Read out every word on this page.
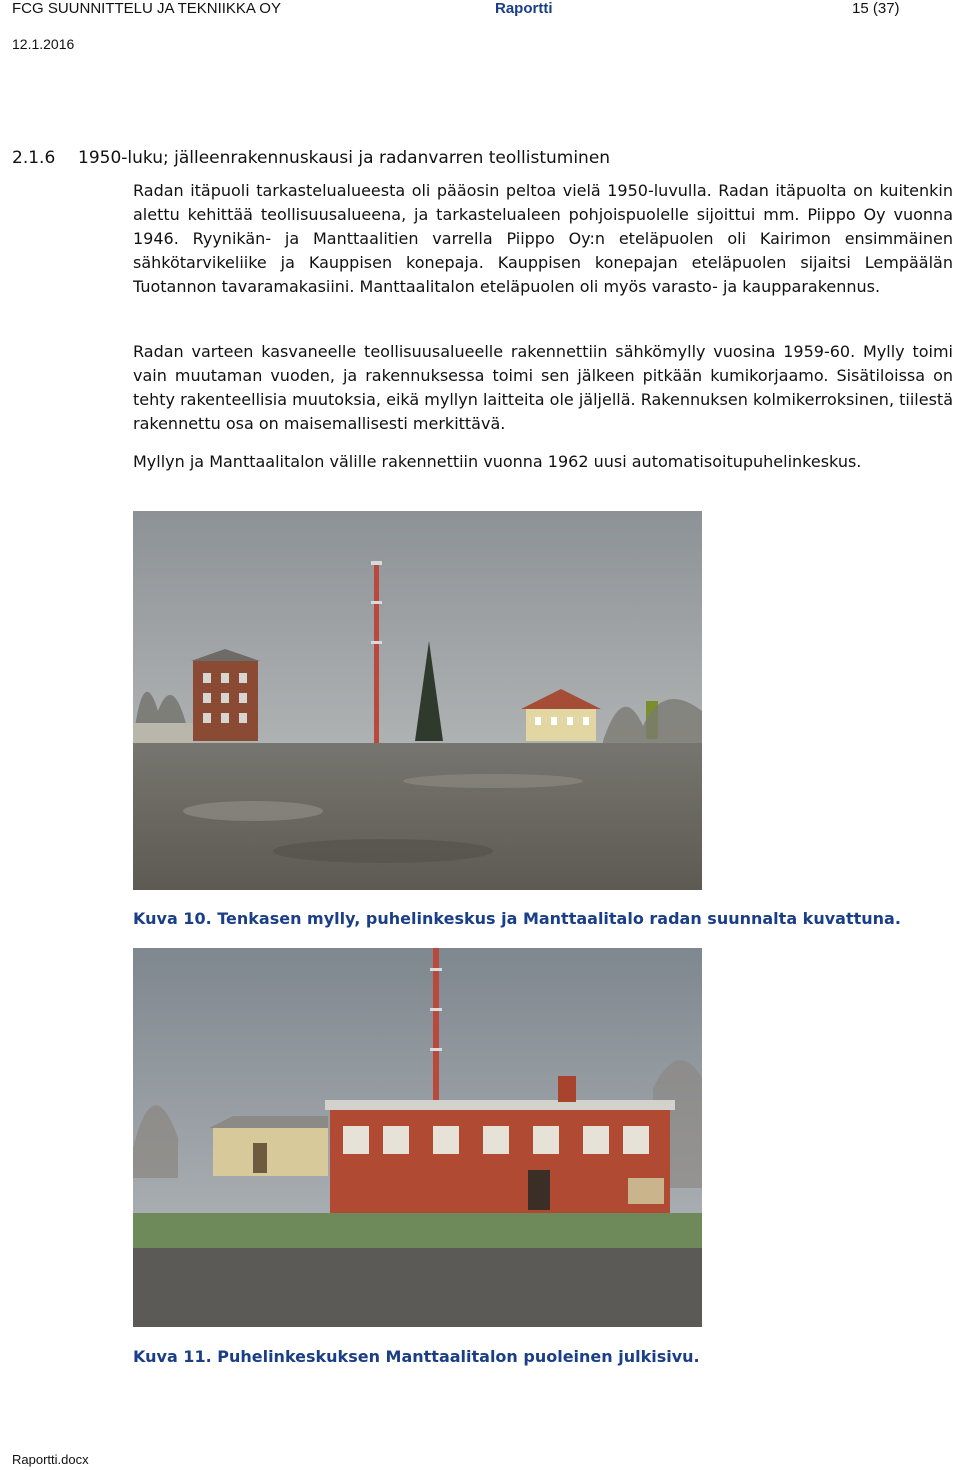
FCG SUUNNITTELU JA TEKNIIKKA OY	Raportti	15 (37)
12.1.2016
2.1.6 1950-luku; jälleenrakennuskausi ja radanvarren teollistuminen
Radan itäpuoli tarkastelualueesta oli pääosin peltoa vielä 1950-luvulla. Radan itäpuolta on kuitenkin alettu kehittää teollisuusalueena, ja tarkastelualeen pohjoispuolelle sijoittui mm. Piippo Oy vuonna 1946. Ryynikän- ja Manttaalitien varrella Piippo Oy:n eteläpuolen oli Kairimon ensimmäinen sähkötarvikeliike ja Kauppisen konepaja. Kauppisen konepajan eteläpuolen sijaitsi Lempäälän Tuotannon tavaramakasiini. Manttaalitalon eteläpuolen oli myös varasto- ja kaupparakennus.
Radan varteen kasvaneelle teollisuusalueelle rakennettiin sähkömylly vuosina 1959-60. Mylly toimi vain muutaman vuoden, ja rakennuksessa toimi sen jälkeen pitkään kumikorjaamo. Sisätiloissa on tehty rakenteellisia muutoksia, eikä myllyn laitteita ole jäljellä. Rakennuksen kolmikerroksinen, tiilestä rakennettu osa on maisemallisesti merkittävä.
Myllyn ja Manttaalitalon välille rakennettiin vuonna 1962 uusi automatisoitupuhelinkeskus.
Kuva 10. Tenkasen mylly, puhelinkeskus ja Manttaalitalo radan suunnalta kuvattuna.
Kuva 11. Puhelinkeskuksen Manttaalitalon puoleinen julkisivu.
Raportti.docx
